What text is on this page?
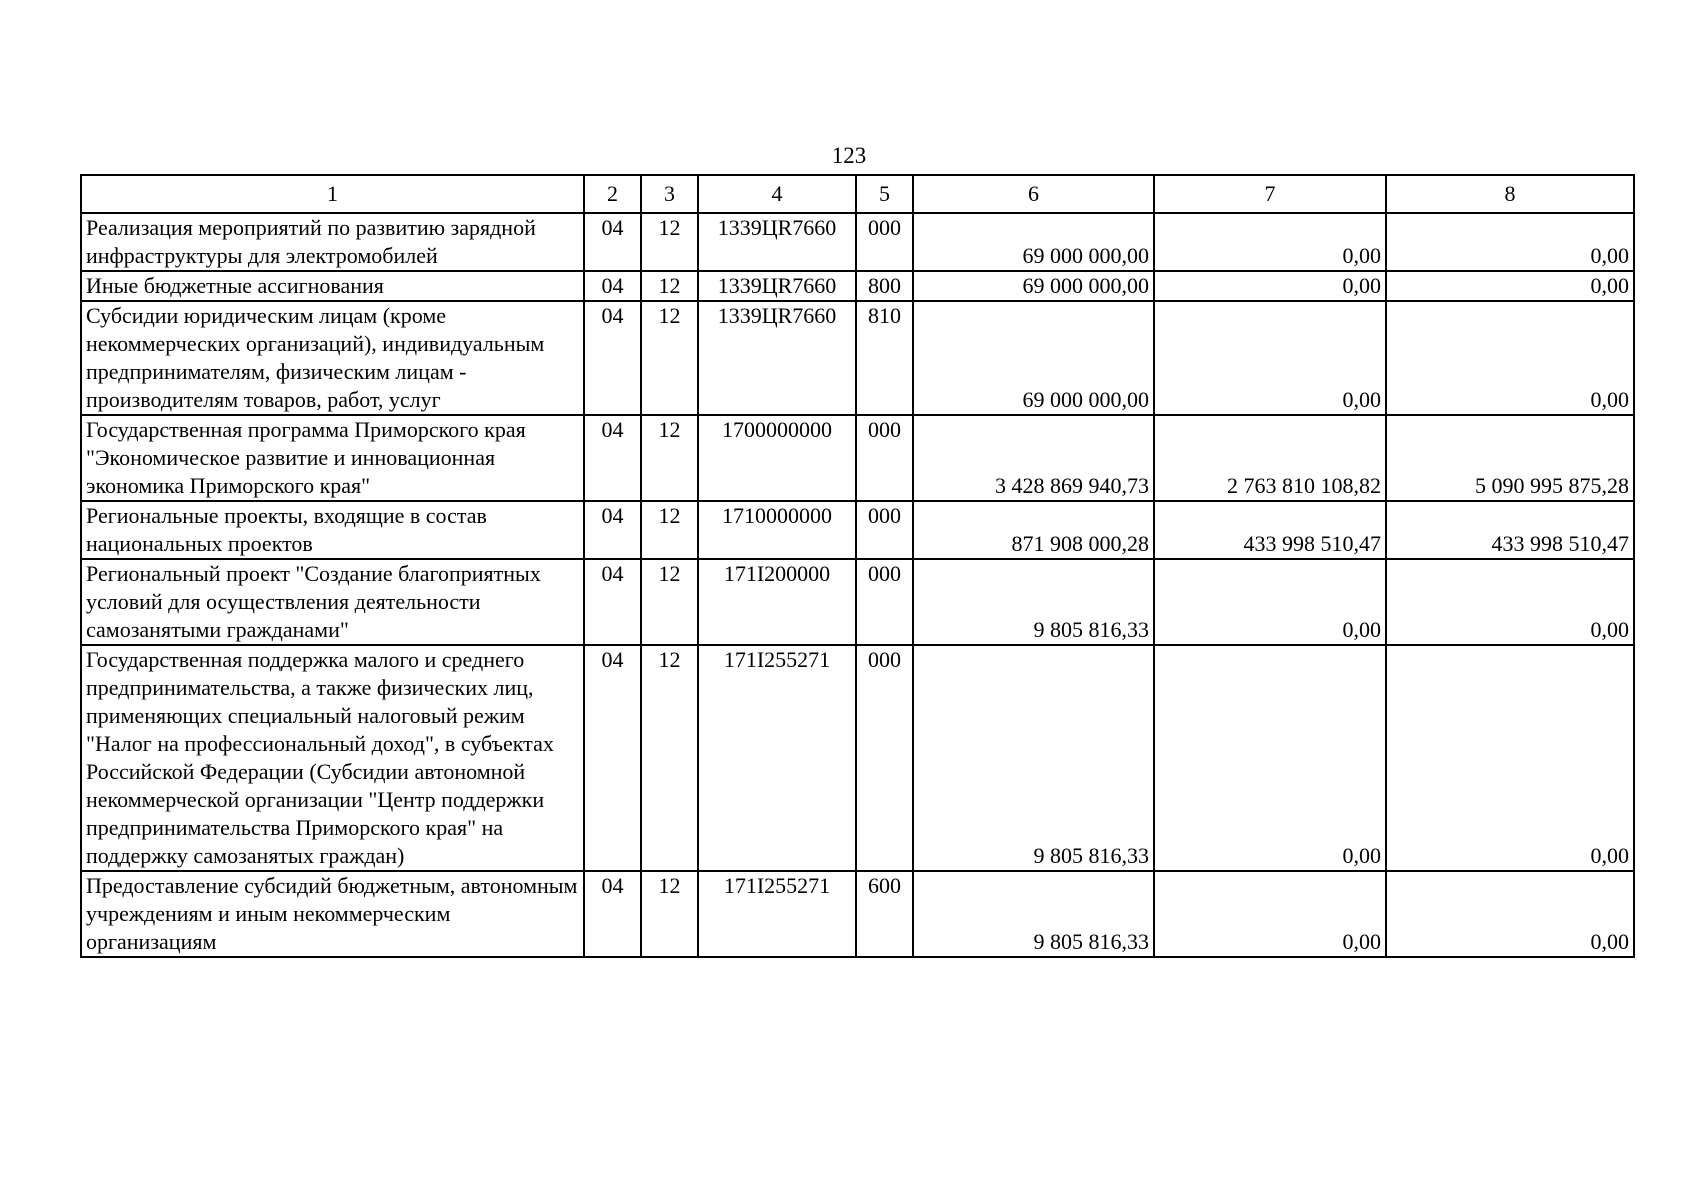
123
1	2	3	4	5	6	7	8
Реализация мероприятий по развитию зарядной инфраструктуры для электромобилей	04	12	1339ЦR7660	000	69 000 000,00	0,00	0,00
Иные бюджетные ассигнования	04	12	1339ЦR7660	800	69 000 000,00	0,00	0,00
Субсидии юридическим лицам (кроме некоммерческих организаций), индивидуальным предпринимателям, физическим лицам - производителям товаров, работ, услуг	04	12	1339ЦR7660	810	69 000 000,00	0,00	0,00
Государственная программа Приморского края "Экономическое развитие и инновационная экономика Приморского края"	04	12	1700000000	000	3 428 869 940,73	2 763 810 108,82	5 090 995 875,28
Региональные проекты, входящие в состав национальных проектов	04	12	1710000000	000	871 908 000,28	433 998 510,47	433 998 510,47
Региональный проект "Создание благоприятных условий для осуществления деятельности самозанятыми гражданами"	04	12	171I200000	000	9 805 816,33	0,00	0,00
Государственная поддержка малого и среднего предпринимательства, а также физических лиц, применяющих специальный налоговый режим "Налог на профессиональный доход", в субъектах Российской Федерации (Субсидии автономной некоммерческой организации "Центр поддержки предпринимательства Приморского края" на поддержку самозанятых граждан)	04	12	171I255271	000	9 805 816,33	0,00	0,00
Предоставление субсидий бюджетным, автономным учреждениям и иным некоммерческим организациям	04	12	171I255271	600	9 805 816,33	0,00	0,00
